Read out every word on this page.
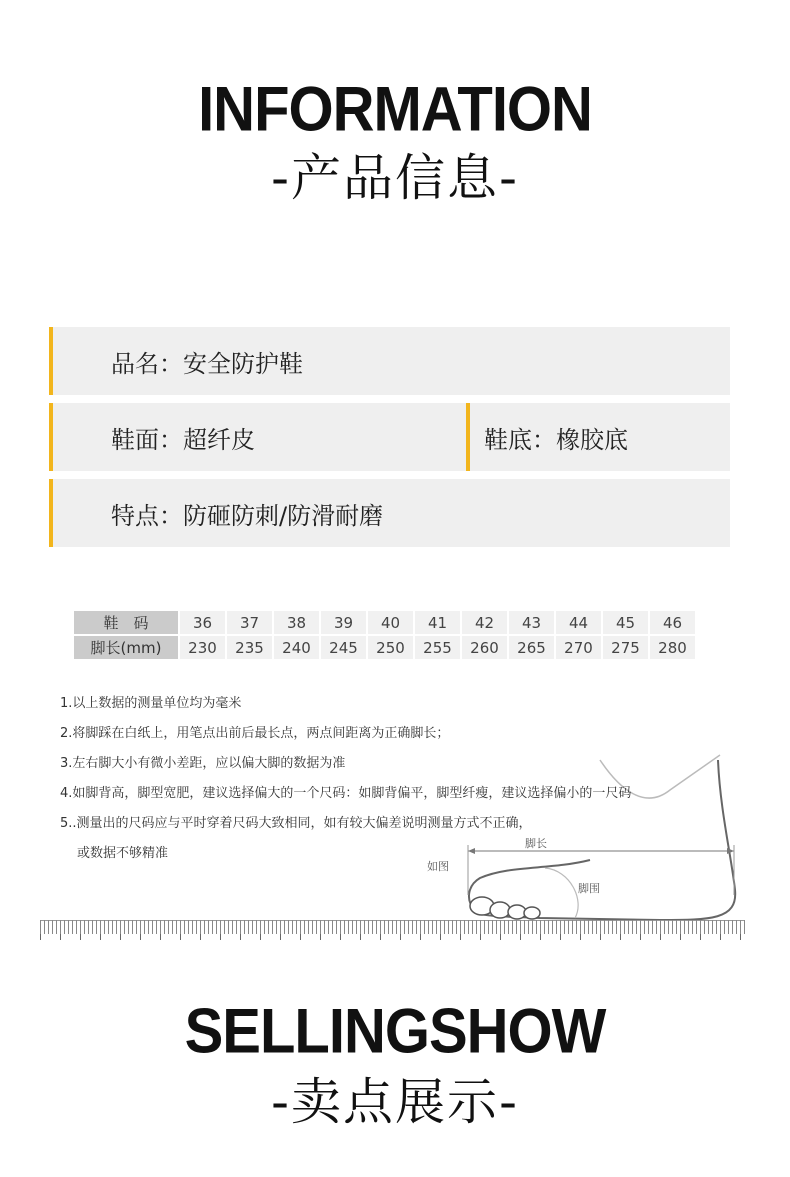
INFORMATION
-产品信息-
品名：安全防护鞋
鞋面：超纤皮	鞋底：橡胶底
特点：防砸防刺/防滑耐磨
鞋　码	36	37	38	39	40	41	42	43	44	45	46
脚长(mm)	230	235	240	245	250	255	260	265	270	275	280
脚长
如图
脚围
1.以上数据的测量单位均为毫米
2.将脚踩在白纸上，用笔点出前后最长点，两点间距离为正确脚长；
3.左右脚大小有微小差距，应以偏大脚的数据为准
4.如脚背高，脚型宽肥，建议选择偏大的一个尺码：如脚背偏平，脚型纤瘦，建议选择偏小的一尺码
5..测量出的尺码应与平时穿着尺码大致相同，如有较大偏差说明测量方式不正确，
或数据不够精准
SELLINGSHOW
-卖点展示-
